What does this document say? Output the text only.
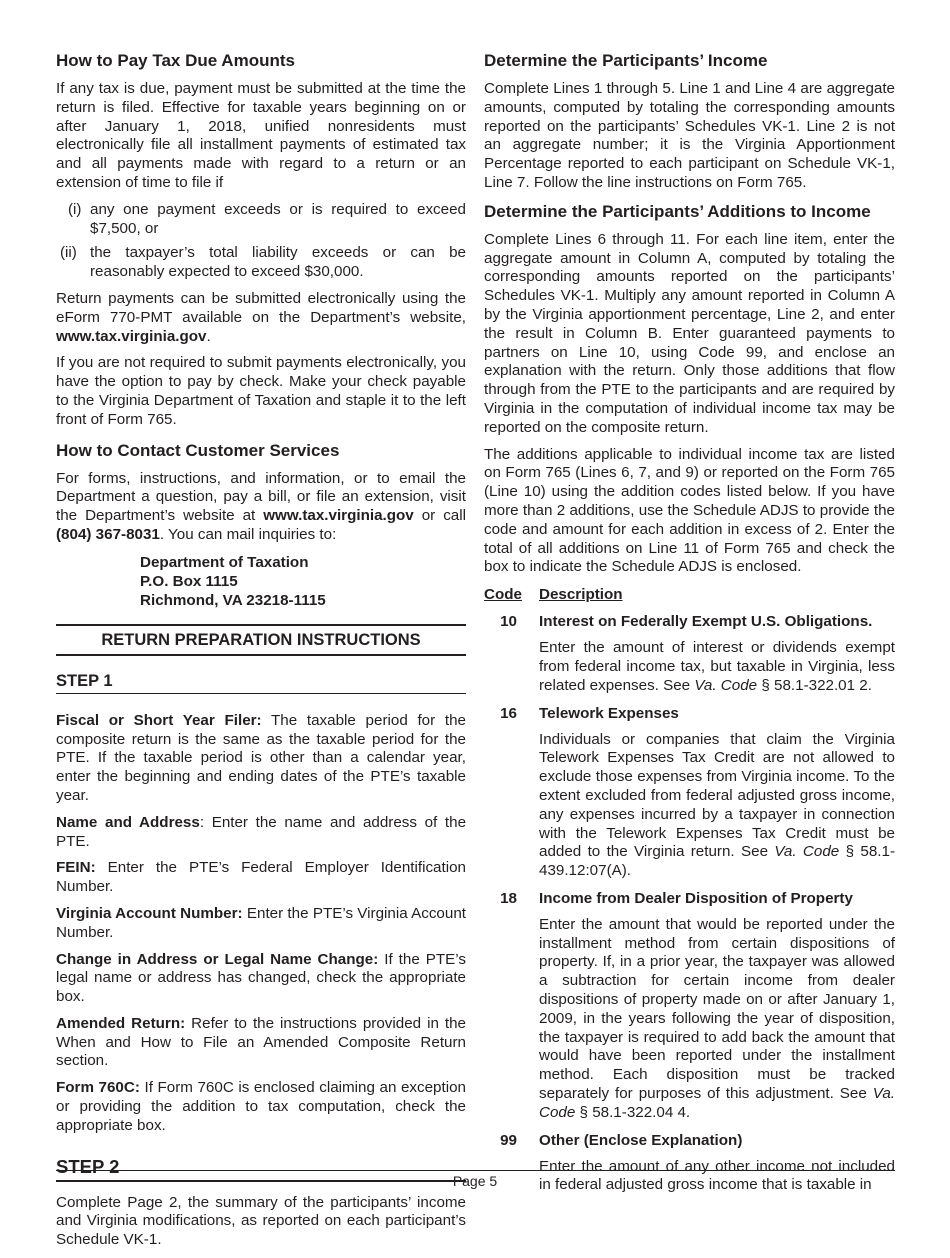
How to Pay Tax Due Amounts

If any tax is due, payment must be submitted at the time the return is filed. Effective for taxable years beginning on or after January 1, 2018, unified nonresidents must electronically file all installment payments of estimated tax and all payments made with regard to a return or an extension of time to file if

(i) any one payment exceeds or is required to exceed $7,500, or
(ii) the taxpayer’s total liability exceeds or can be reasonably expected to exceed $30,000.

Return payments can be submitted electronically using the eForm 770-PMT available on the Department’s website, www.tax.virginia.gov.

If you are not required to submit payments electronically, you have the option to pay by check. Make your check payable to the Virginia Department of Taxation and staple it to the left front of Form 765.

How to Contact Customer Services

For forms, instructions, and information, or to email the Department a question, pay a bill, or file an extension, visit the Department’s website at www.tax.virginia.gov or call (804) 367-8031. You can mail inquiries to:

Department of Taxation
P.O. Box 1115
Richmond, VA 23218-1115
RETURN PREPARATION INSTRUCTIONS
STEP 1

Fiscal or Short Year Filer: The taxable period for the composite return is the same as the taxable period for the PTE. If the taxable period is other than a calendar year, enter the beginning and ending dates of the PTE’s taxable year.

Name and Address: Enter the name and address of the PTE.

FEIN: Enter the PTE’s Federal Employer Identification Number.

Virginia Account Number: Enter the PTE’s Virginia Account Number.

Change in Address or Legal Name Change: If the PTE’s legal name or address has changed, check the appropriate box.

Amended Return: Refer to the instructions provided in the When and How to File an Amended Composite Return section.

Form 760C: If Form 760C is enclosed claiming an exception or providing the addition to tax computation, check the appropriate box.

STEP 2

Complete Page 2, the summary of the participants’ income and Virginia modifications, as reported on each participant’s Schedule VK-1.

Determine the Participants’ Income

Complete Lines 1 through 5. Line 1 and Line 4 are aggregate amounts, computed by totaling the corresponding amounts reported on the participants’ Schedules VK-1. Line 2 is not an aggregate number; it is the Virginia Apportionment Percentage reported to each participant on Schedule VK-1, Line 7. Follow the line instructions on Form 765.

Determine the Participants’ Additions to Income

Complete Lines 6 through 11. For each line item, enter the aggregate amount in Column A, computed by totaling the corresponding amounts reported on the participants’ Schedules VK-1. Multiply any amount reported in Column A by the Virginia apportionment percentage, Line 2, and enter the result in Column B. Enter guaranteed payments to partners on Line 10, using Code 99, and enclose an explanation with the return. Only those additions that flow through from the PTE to the participants and are required by Virginia in the computation of individual income tax may be reported on the composite return.

The additions applicable to individual income tax are listed on Form 765 (Lines 6, 7, and 9) or reported on the Form 765 (Line 10) using the addition codes listed below. If you have more than 2 additions, use the Schedule ADJS to provide the code and amount for each addition in excess of 2. Enter the total of all additions on Line 11 of Form 765 and check the box to indicate the Schedule ADJS is enclosed.

Code	Description
10 Interest on Federally Exempt U.S. Obligations.

Enter the amount of interest or dividends exempt from federal income tax, but taxable in Virginia, less related expenses. See Va. Code § 58.1-322.01 2.

16 Telework Expenses

Individuals or companies that claim the Virginia Telework Expenses Tax Credit are not allowed to exclude those expenses from Virginia income. To the extent excluded from federal adjusted gross income, any expenses incurred by a taxpayer in connection with the Telework Expenses Tax Credit must be added to the Virginia return. See Va. Code § 58.1-439.12:07(A).

18 Income from Dealer Disposition of Property

Enter the amount that would be reported under the installment method from certain dispositions of property. If, in a prior year, the taxpayer was allowed a subtraction for certain income from dealer dispositions of property made on or after January 1, 2009, in the years following the year of disposition, the taxpayer is required to add back the amount that would have been reported under the installment method. Each disposition must be tracked separately for purposes of this adjustment. See Va. Code § 58.1-322.04 4.

99 Other (Enclose Explanation)

Enter the amount of any other income not included in federal adjusted gross income that is taxable in

Page 5
